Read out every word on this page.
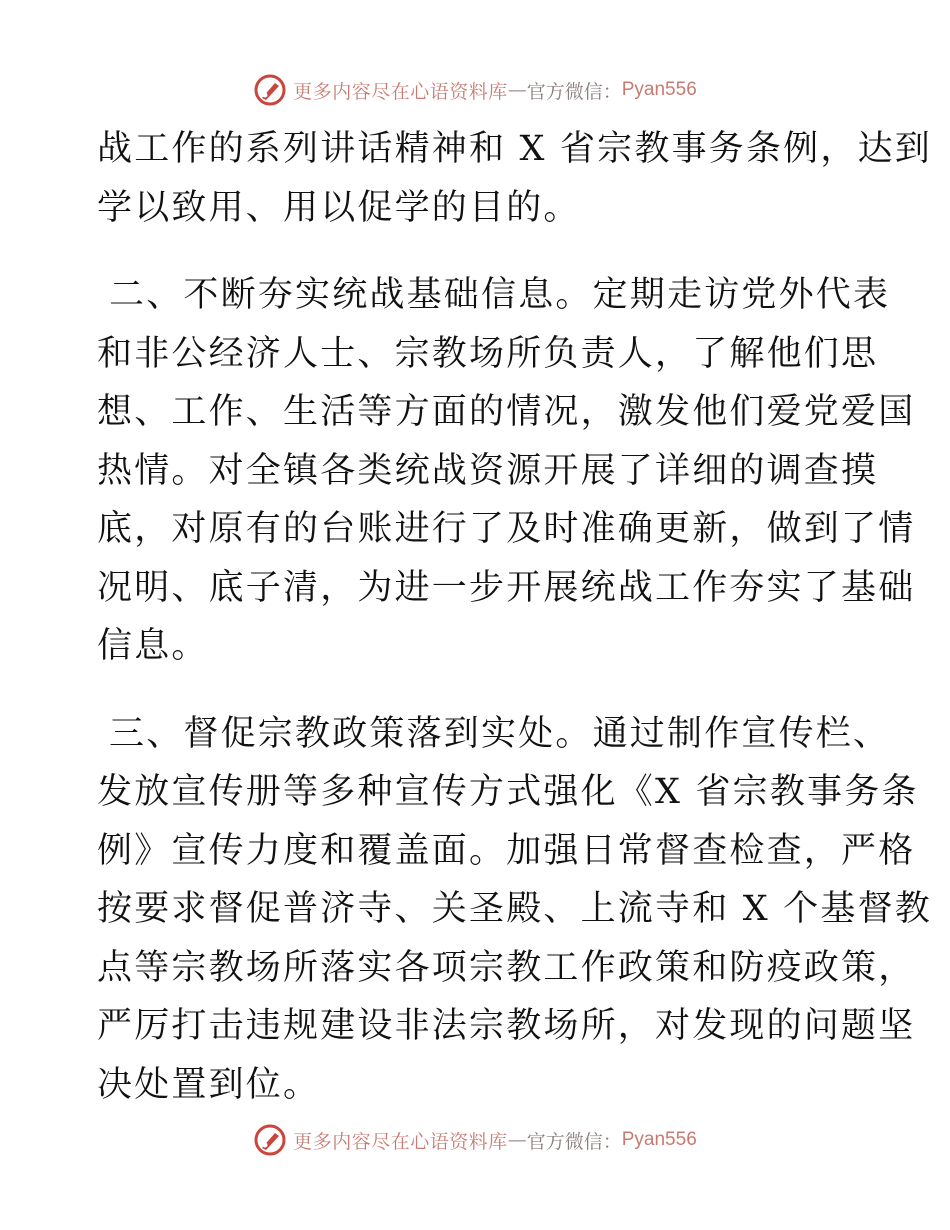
更多内容尽在心语资料库 — 官方微信： Pyan556
战工作的系列讲话精神和 X 省宗教事务条例，达到
学以致用、用以促学的目的。
二、不断夯实统战基础信息。定期走访党外代表
和非公经济人士、宗教场所负责人，了解他们思
想、工作、生活等方面的情况，激发他们爱党爱国
热情。对全镇各类统战资源开展了详细的调查摸
底，对原有的台账进行了及时准确更新，做到了情
况明、底子清，为进一步开展统战工作夯实了基础
信息。
三、督促宗教政策落到实处。通过制作宣传栏、
发放宣传册等多种宣传方式强化《X 省宗教事务条
例》宣传力度和覆盖面。加强日常督查检查，严格
按要求督促普济寺、关圣殿、上流寺和 X 个基督教
点等宗教场所落实各项宗教工作政策和防疫政策，
严厉打击违规建设非法宗教场所，对发现的问题坚
决处置到位。
更多内容尽在心语资料库 — 官方微信： Pyan556
